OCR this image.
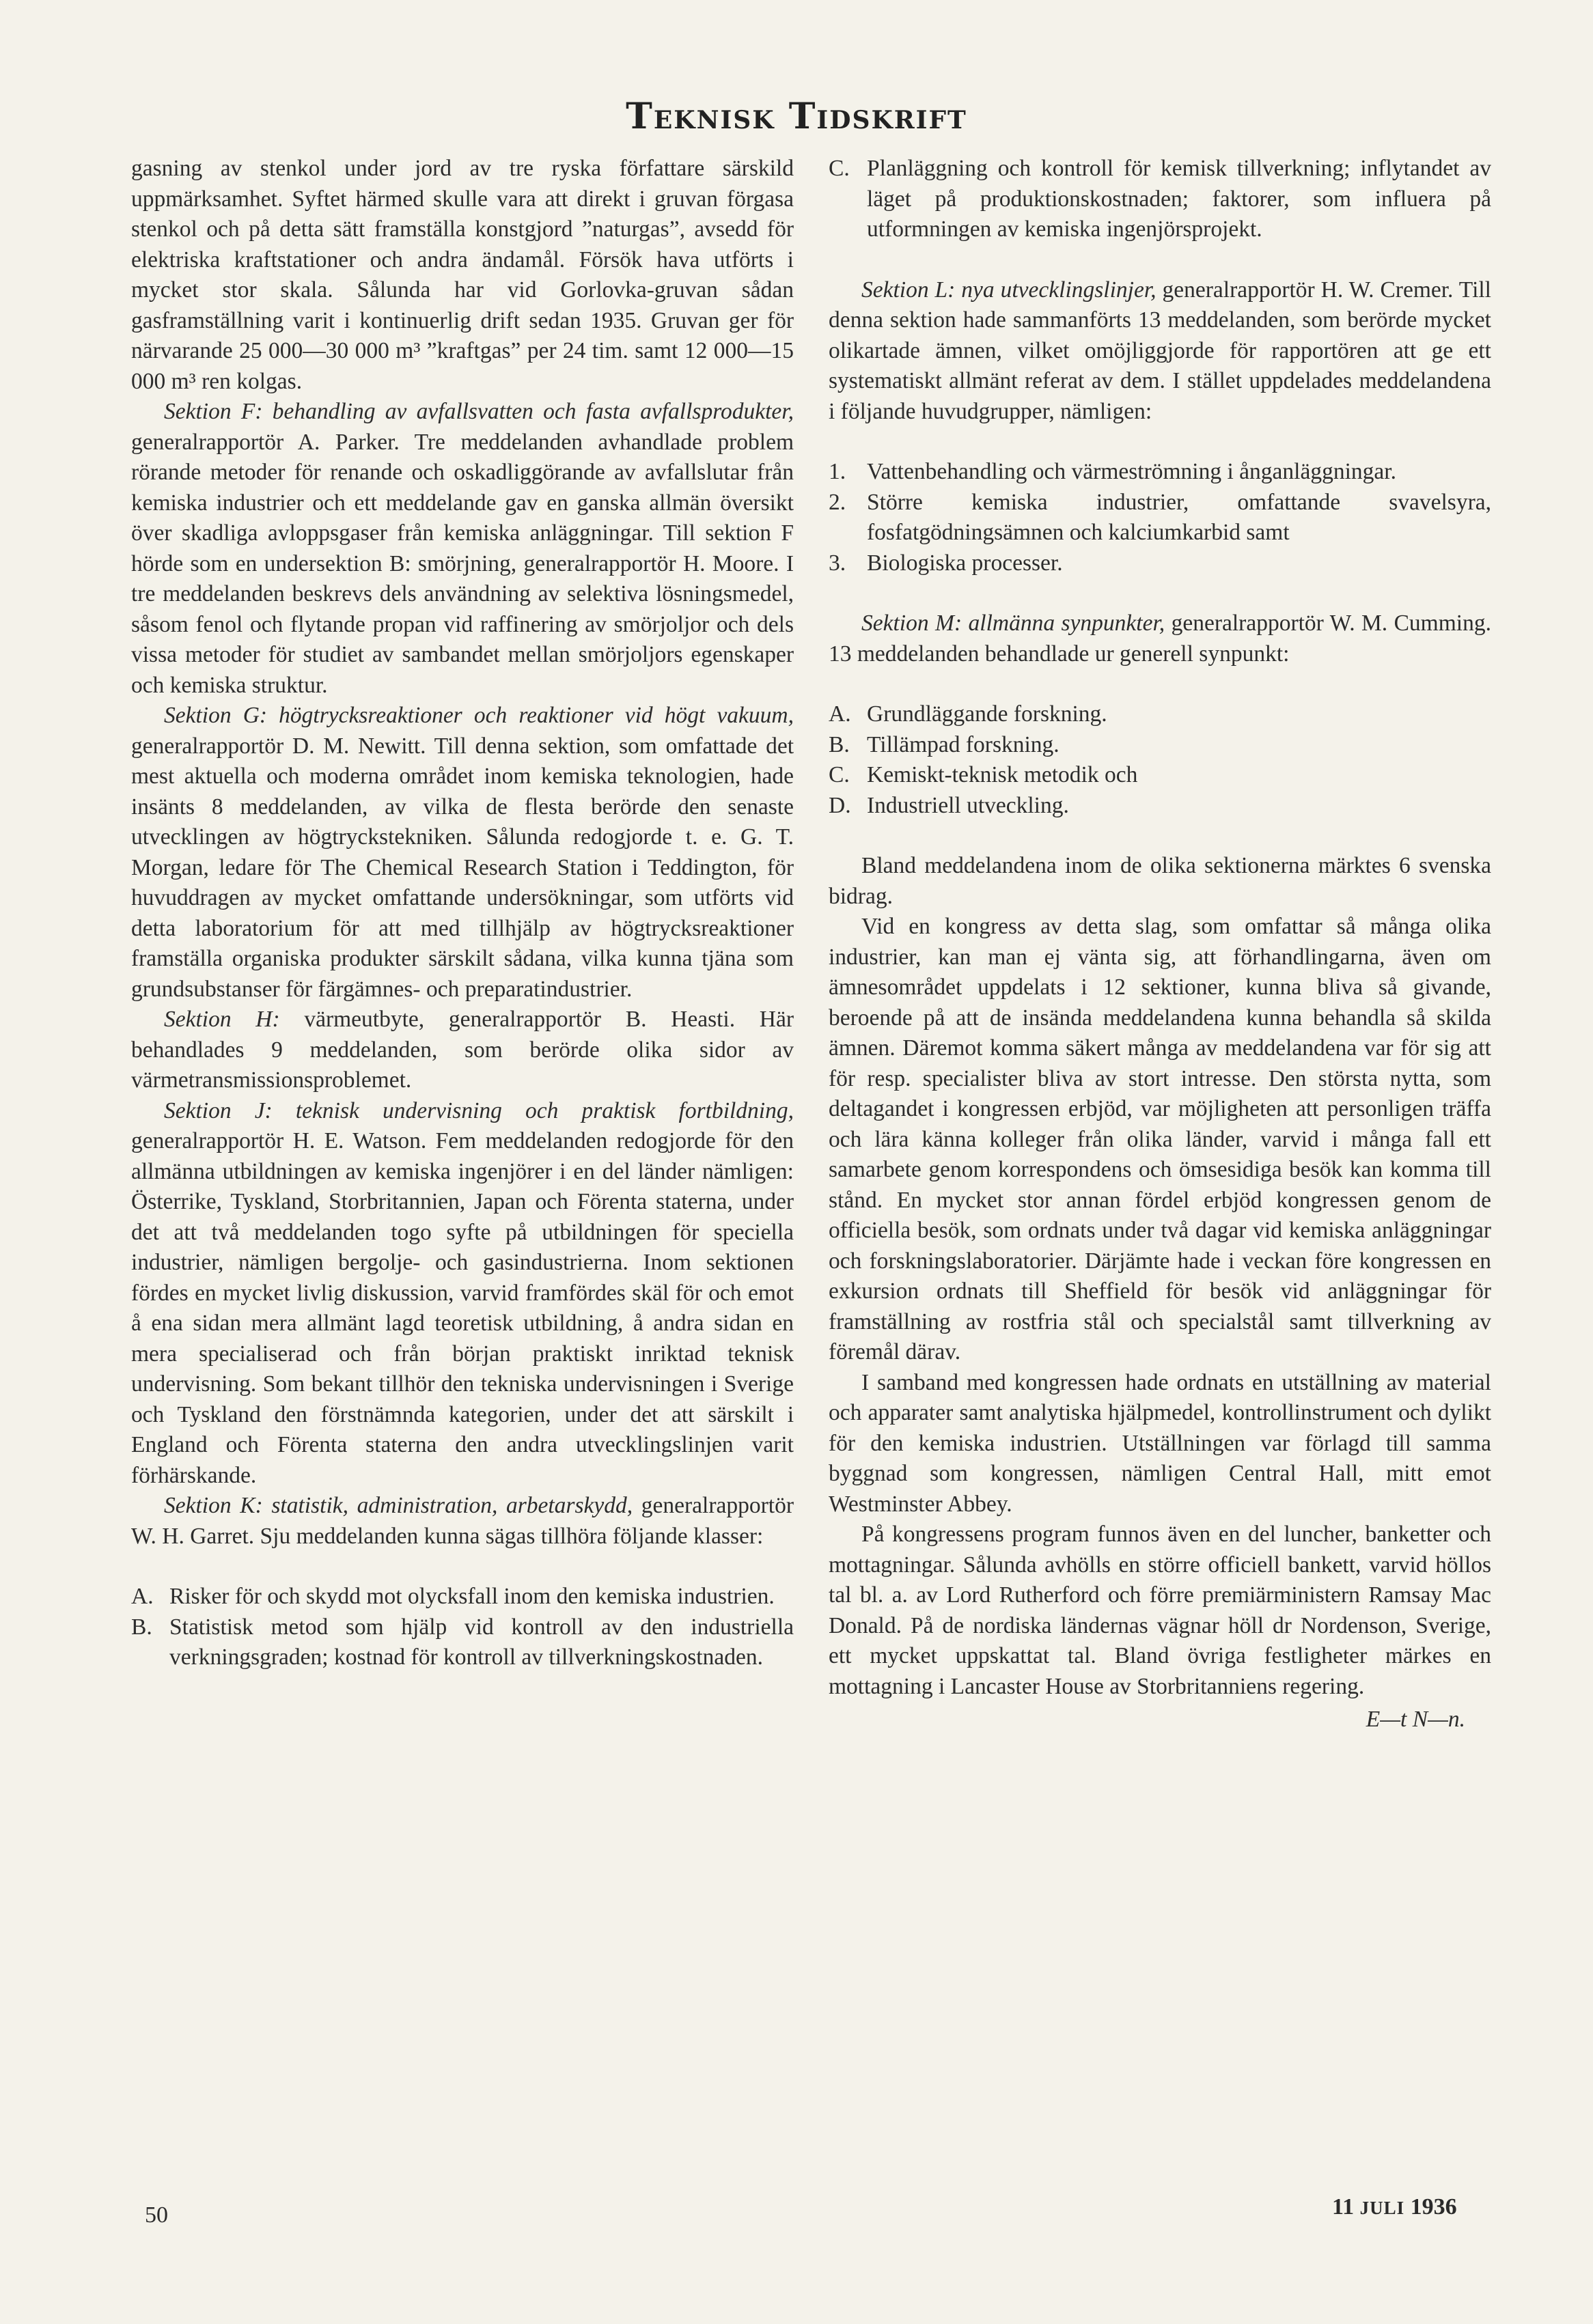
Teknisk Tidskrift

gasning av stenkol under jord av tre ryska författare särskild uppmärksamhet. Syftet härmed skulle vara att direkt i gruvan förgasa stenkol och på detta sätt framställa konstgjord ”naturgas”, avsedd för elektriska kraftstationer och andra ändamål. Försök hava utförts i mycket stor skala. Sålunda har vid Gorlovka-gruvan sådan gasframställning varit i kontinuerlig drift sedan 1935. Gruvan ger för närvarande 25 000—30 000 m³ ”kraftgas” per 24 tim. samt 12 000—15 000 m³ ren kolgas.

Sektion F: behandling av avfallsvatten och fasta avfallsprodukter, generalrapportör A. Parker. Tre meddelanden avhandlade problem rörande metoder för renande och oskadliggörande av avfallslutar från kemiska industrier och ett meddelande gav en ganska allmän översikt över skadliga avloppsgaser från kemiska anläggningar. Till sektion F hörde som en undersektion B: smörjning, generalrapportör H. Moore. I tre meddelanden beskrevs dels användning av selektiva lösningsmedel, såsom fenol och flytande propan vid raffinering av smörjoljor och dels vissa metoder för studiet av sambandet mellan smörjoljors egenskaper och kemiska struktur.

Sektion G: högtrycksreaktioner och reaktioner vid högt vakuum, generalrapportör D. M. Newitt. Till denna sektion, som omfattade det mest aktuella och moderna området inom kemiska teknologien, hade insänts 8 meddelanden, av vilka de flesta berörde den senaste utvecklingen av högtryckstekniken. Sålunda redogjorde t. e. G. T. Morgan, ledare för The Chemical Research Station i Teddington, för huvuddragen av mycket omfattande undersökningar, som utförts vid detta laboratorium för att med tillhjälp av högtrycksreaktioner framställa organiska produkter särskilt sådana, vilka kunna tjäna som grundsubstanser för färgämnes- och preparatindustrier.

Sektion H: värmeutbyte, generalrapportör B. Heasti. Här behandlades 9 meddelanden, som berörde olika sidor av värmetransmissionsproblemet.

Sektion J: teknisk undervisning och praktisk fortbildning, generalrapportör H. E. Watson. Fem meddelanden redogjorde för den allmänna utbildningen av kemiska ingenjörer i en del länder nämligen: Österrike, Tyskland, Storbritannien, Japan och Förenta staterna, under det att två meddelanden togo syfte på utbildningen för speciella industrier, nämligen bergolje- och gasindustrierna. Inom sektionen fördes en mycket livlig diskussion, varvid framfördes skäl för och emot å ena sidan mera allmänt lagd teoretisk utbildning, å andra sidan en mera specialiserad och från början praktiskt inriktad teknisk undervisning. Som bekant tillhör den tekniska undervisningen i Sverige och Tyskland den förstnämnda kategorien, under det att särskilt i England och Förenta staterna den andra utvecklingslinjen varit förhärskande.

Sektion K: statistik, administration, arbetarskydd, generalrapportör W. H. Garret. Sju meddelanden kunna sägas tillhöra följande klasser:

A. Risker för och skydd mot olycksfall inom den kemiska industrien.
B. Statistisk metod som hjälp vid kontroll av den industriella verkningsgraden; kostnad för kontroll av tillverkningskostnaden.
C. Planläggning och kontroll för kemisk tillverkning; inflytandet av läget på produktionskostnaden; faktorer, som influera på utformningen av kemiska ingenjörsprojekt.

Sektion L: nya utvecklingslinjer, generalrapportör H. W. Cremer. Till denna sektion hade sammanförts 13 meddelanden, som berörde mycket olikartade ämnen, vilket omöjliggjorde för rapportören att ge ett systematiskt allmänt referat av dem. I stället uppdelades meddelandena i följande huvudgrupper, nämligen:

1. Vattenbehandling och värmeströmning i ånganläggningar.
2. Större kemiska industrier, omfattande svavelsyra, fosfatgödningsämnen och kalciumkarbid samt
3. Biologiska processer.

Sektion M: allmänna synpunkter, generalrapportör W. M. Cumming. 13 meddelanden behandlade ur generell synpunkt:

A. Grundläggande forskning.
B. Tillämpad forskning.
C. Kemiskt-teknisk metodik och
D. Industriell utveckling.

Bland meddelandena inom de olika sektionerna märktes 6 svenska bidrag.

Vid en kongress av detta slag, som omfattar så många olika industrier, kan man ej vänta sig, att förhandlingarna, även om ämnesområdet uppdelats i 12 sektioner, kunna bliva så givande, beroende på att de insända meddelandena kunna behandla så skilda ämnen. Däremot komma säkert många av meddelandena var för sig att för resp. specialister bliva av stort intresse. Den största nytta, som deltagandet i kongressen erbjöd, var möjligheten att personligen träffa och lära känna kolleger från olika länder, varvid i många fall ett samarbete genom korrespondens och ömsesidiga besök kan komma till stånd. En mycket stor annan fördel erbjöd kongressen genom de officiella besök, som ordnats under två dagar vid kemiska anläggningar och forskningslaboratorier. Därjämte hade i veckan före kongressen en exkursion ordnats till Sheffield för besök vid anläggningar för framställning av rostfria stål och specialstål samt tillverkning av föremål därav.

I samband med kongressen hade ordnats en utställning av material och apparater samt analytiska hjälpmedel, kontrollinstrument och dylikt för den kemiska industrien. Utställningen var förlagd till samma byggnad som kongressen, nämligen Central Hall, mitt emot Westminster Abbey.

På kongressens program funnos även en del luncher, banketter och mottagningar. Sålunda avhölls en större officiell bankett, varvid höllos tal bl. a. av Lord Rutherford och förre premiärministern Ramsay Mac Donald. På de nordiska ländernas vägnar höll dr Nordenson, Sverige, ett mycket uppskattat tal. Bland övriga festligheter märkes en mottagning i Lancaster House av Storbritanniens regering.

E—t N—n.

50	11 JULI 1936
